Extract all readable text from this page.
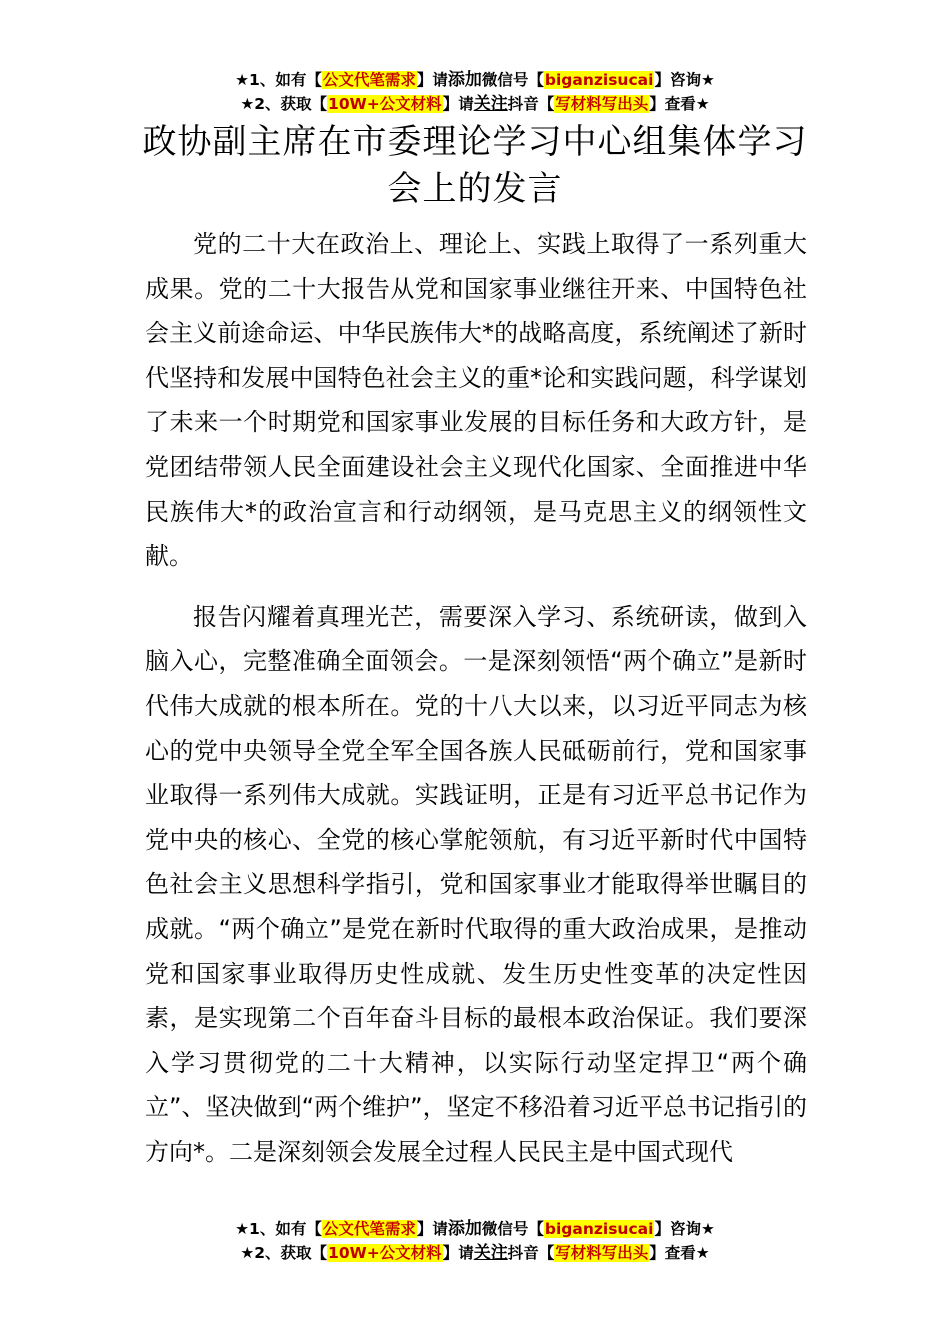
★1、如有【公文代笔需求】请添加微信号【biganzisucai】咨询★
★2、获取【10W+公文材料】请关注抖音【写材料写出头】查看★
政协副主席在市委理论学习中心组集体学习会上的发言

党的二十大在政治上、理论上、实践上取得了一系列重大成果。党的二十大报告从党和国家事业继往开来、中国特色社会主义前途命运、中华民族伟大*的战略高度，系统阐述了新时代坚持和发展中国特色社会主义的重*论和实践问题，科学谋划了未来一个时期党和国家事业发展的目标任务和大政方针，是党团结带领人民全面建设社会主义现代化国家、全面推进中华民族伟大*的政治宣言和行动纲领，是马克思主义的纲领性文献。

报告闪耀着真理光芒，需要深入学习、系统研读，做到入脑入心，完整准确全面领会。一是深刻领悟“两个确立”是新时代伟大成就的根本所在。党的十八大以来，以习近平同志为核心的党中央领导全党全军全国各族人民砥砺前行，党和国家事业取得一系列伟大成就。实践证明，正是有习近平总书记作为党中央的核心、全党的核心掌舵领航，有习近平新时代中国特色社会主义思想科学指引，党和国家事业才能取得举世瞩目的成就。“两个确立”是党在新时代取得的重大政治成果，是推动党和国家事业取得历史性成就、发生历史性变革的决定性因素，是实现第二个百年奋斗目标的最根本政治保证。我们要深入学习贯彻党的二十大精神，以实际行动坚定捍卫“两个确立”、坚决做到“两个维护”，坚定不移沿着习近平总书记指引的方向*。二是深刻领会发展全过程人民民主是中国式现代

★1、如有【公文代笔需求】请添加微信号【biganzisucai】咨询★
★2、获取【10W+公文材料】请关注抖音【写材料写出头】查看★
